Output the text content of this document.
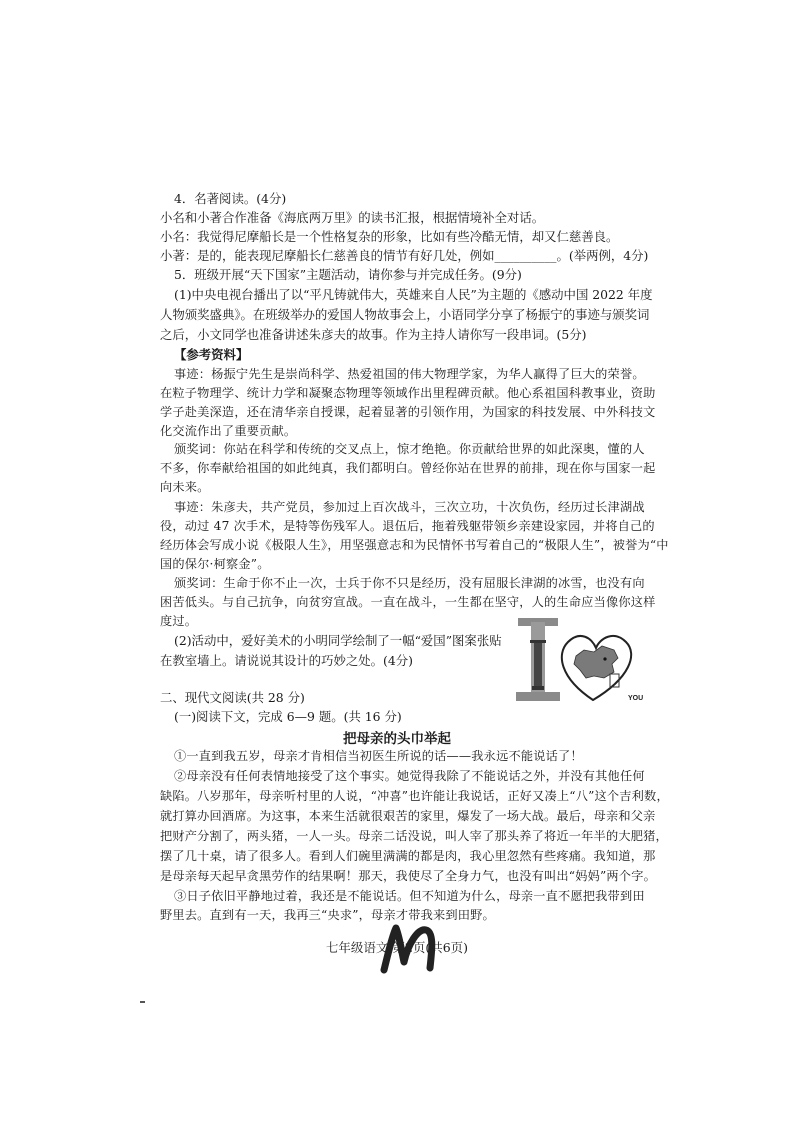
4．名著阅读。(4分)
小名和小著合作准备《海底两万里》的读书汇报，根据情境补全对话。
小名：我觉得尼摩船长是一个性格复杂的形象，比如有些冷酷无情，却又仁慈善良。
小著：是的，能表现尼摩船长仁慈善良的情节有好几处，例如__________。(举两例，4分)
5．班级开展“天下国家”主题活动，请你参与并完成任务。(9分)
(1)中央电视台播出了以“平凡铸就伟大，英雄来自人民”为主题的《感动中国 2022 年度
人物颁奖盛典》。在班级举办的爱国人物故事会上，小语同学分享了杨振宁的事迹与颁奖词
之后，小文同学也准备讲述朱彦夫的故事。作为主持人请你写一段串词。(5分)
【参考资料】
事迹：杨振宁先生是崇尚科学、热爱祖国的伟大物理学家，为华人赢得了巨大的荣誉。
在粒子物理学、统计力学和凝聚态物理等领域作出里程碑贡献。他心系祖国科教事业，资助
学子赴美深造，还在清华亲自授课，起着显著的引领作用，为国家的科技发展、中外科技文
化交流作出了重要贡献。
颁奖词：你站在科学和传统的交叉点上，惊才绝艳。你贡献给世界的如此深奥，懂的人
不多，你奉献给祖国的如此纯真，我们都明白。曾经你站在世界的前排，现在你与国家一起
向未来。
事迹：朱彦夫，共产党员，参加过上百次战斗，三次立功，十次负伤，经历过长津湖战
役，动过 47 次手术，是特等伤残军人。退伍后，拖着残躯带领乡亲建设家园，并将自己的
经历体会写成小说《极限人生》，用坚强意志和为民情怀书写着自己的“极限人生”，被誉为“中
国的保尔·柯察金”。
颁奖词：生命于你不止一次，士兵于你不只是经历，没有屈服长津湖的冰雪，也没有向
困苦低头。与自己抗争，向贫穷宣战。一直在战斗，一生都在坚守，人的生命应当像你这样
度过。
(2)活动中，爱好美术的小明同学绘制了一幅“爱国”图案张贴
在教室墙上。请说说其设计的巧妙之处。(4分)
YOU
二、现代文阅读(共 28 分)
(一)阅读下文，完成 6—9 题。(共 16 分)
把母亲的头巾举起
①一直到我五岁，母亲才肯相信当初医生所说的话——我永远不能说话了！
②母亲没有任何表情地接受了这个事实。她觉得我除了不能说话之外，并没有其他任何
缺陷。八岁那年，母亲听村里的人说，“冲喜”也许能让我说话，正好又凑上“八”这个吉利数，
就打算办回酒席。为这事，本来生活就很艰苦的家里，爆发了一场大战。最后，母亲和父亲
把财产分割了，两头猪，一人一头。母亲二话没说，叫人宰了那头养了将近一年半的大肥猪，
摆了几十桌，请了很多人。看到人们碗里满满的都是肉，我心里忽然有些疼痛。我知道，那
是母亲每天起早贪黑劳作的结果啊！那天，我使尽了全身力气，也没有叫出“妈妈”两个字。
③日子依旧平静地过着，我还是不能说话。但不知道为什么，母亲一直不愿把我带到田
野里去。直到有一天，我再三“央求”，母亲才带我来到田野。
七年级语文 第2页(共6页)
